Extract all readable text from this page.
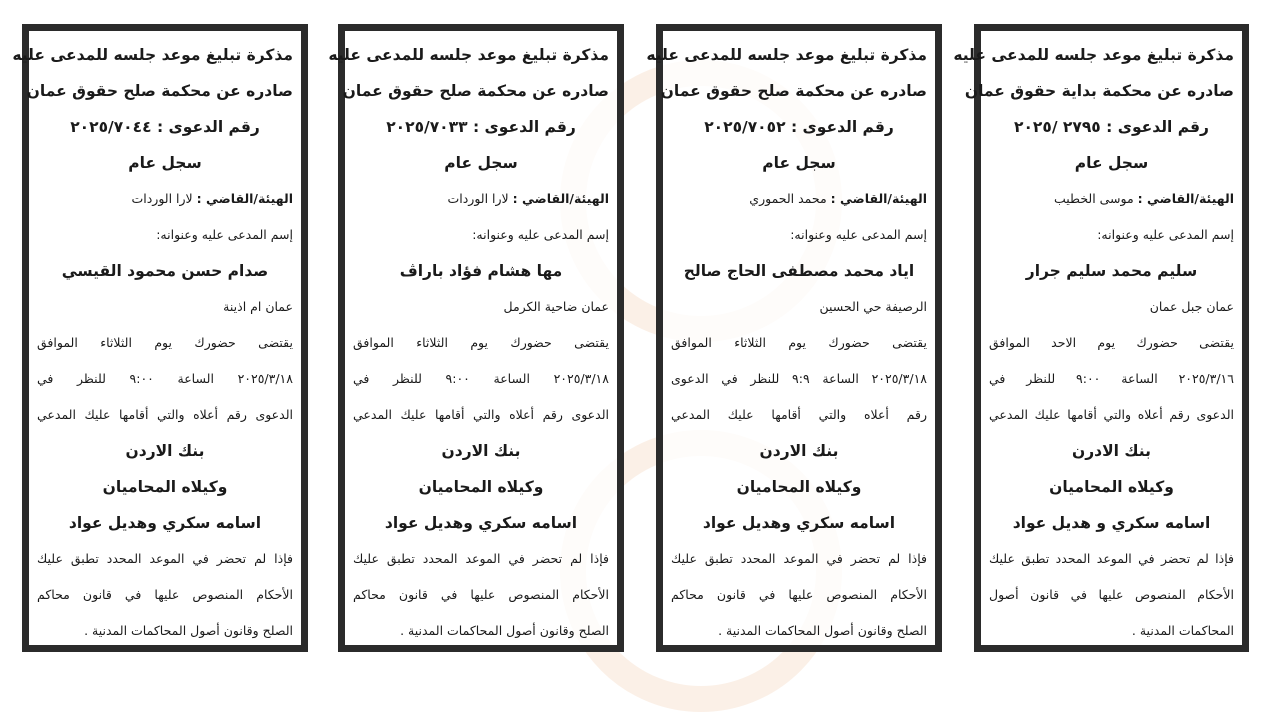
مذكرة تبليغ موعد جلسه للمدعى عليه
صادره عن محكمة بداية حقوق عمان
رقم الدعوى : ٢٧٩٥ /٢٠٢٥
سجل عام
الهيئة/القاضي : موسى الخطيب
إسم المدعى عليه وعنوانه:
سليم محمد سليم جرار
عمان جبل عمان
يقتضى حضورك يوم الاحد الموافق
٢٠٢٥/٣/١٦ الساعة ٩:٠٠ للنظر في
الدعوى رقم أعلاه والتي أقامها عليك المدعي
بنك الادرن
وكيلاه المحاميان
اسامه سكري و هديل عواد
فإذا لم تحضر في الموعد المحدد تطبق عليك
الأحكام المنصوص عليها في قانون أصول
المحاكمات المدنية .
مذكرة تبليغ موعد جلسه للمدعى عليه
صادره عن محكمة صلح حقوق عمان
رقم الدعوى : ٢٠٢٥/٧٠٥٢
سجل عام
الهيئة/القاضي : محمد الحموري
إسم المدعى عليه وعنوانه:
اياد محمد مصطفى الحاج صالح
الرصيفة حي الحسين
يقتضى حضورك يوم الثلاثاء الموافق
٢٠٢٥/٣/١٨ الساعة ٩:٩ للنظر في الدعوى
رقم أعلاه والتي أقامها عليك المدعي
بنك الاردن
وكيلاه المحاميان
اسامه سكري وهديل عواد
فإذا لم تحضر في الموعد المحدد تطبق عليك
الأحكام المنصوص عليها في قانون محاكم
الصلح وقانون أصول المحاكمات المدنية .
مذكرة تبليغ موعد جلسه للمدعى عليه
صادره عن محكمة صلح حقوق عمان
رقم الدعوى : ٢٠٢٥/٧٠٣٣
سجل عام
الهيئة/القاضي : لارا الوردات
إسم المدعى عليه وعنوانه:
مها هشام فؤاد باراڤ
عمان ضاحية الكرمل
يقتضى حضورك يوم الثلاثاء الموافق
٢٠٢٥/٣/١٨ الساعة ٩:٠٠ للنظر في
الدعوى رقم أعلاه والتي أقامها عليك المدعي
بنك الاردن
وكيلاه المحاميان
اسامه سكري وهديل عواد
فإذا لم تحضر في الموعد المحدد تطبق عليك
الأحكام المنصوص عليها في قانون محاكم
الصلح وقانون أصول المحاكمات المدنية .
مذكرة تبليغ موعد جلسه للمدعى عليه
صادره عن محكمة صلح حقوق عمان
رقم الدعوى : ٢٠٢٥/٧٠٤٤
سجل عام
الهيئة/القاضي : لارا الوردات
إسم المدعى عليه وعنوانه:
صدام حسن محمود القيسي
عمان ام اذينة
يقتضى حضورك يوم الثلاثاء الموافق
٢٠٢٥/٣/١٨ الساعة ٩:٠٠ للنظر في
الدعوى رقم أعلاه والتي أقامها عليك المدعي
بنك الاردن
وكيلاه المحاميان
اسامه سكري وهديل عواد
فإذا لم تحضر في الموعد المحدد تطبق عليك
الأحكام المنصوص عليها في قانون محاكم
الصلح وقانون أصول المحاكمات المدنية .
